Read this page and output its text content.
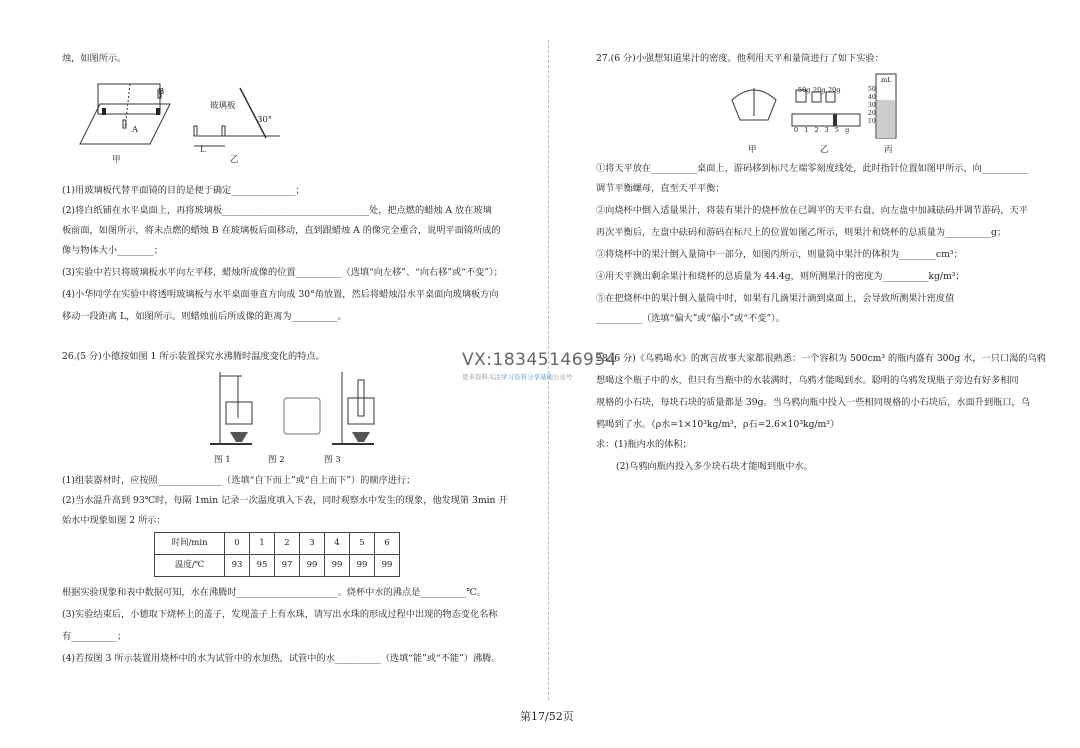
烛，如图所示。
B
A
玻璃板
30°
L
甲	乙
(1)用玻璃板代替平面镜的目的是便于确定______________；
(2)将白纸铺在水平桌面上，再将玻璃板________________________________处，把点燃的蜡烛 A 放在玻璃
板前面，如图所示，将未点燃的蜡烛 B 在玻璃板后面移动，直到跟蜡烛 A 的像完全重合，说明平面镜所成的
像与物体大小________；
(3)实验中若只将玻璃板水平向左平移，蜡烛所成像的位置__________（选填“向左移”、“向右移”或“不变”）；
(4)小华同学在实验中将透明玻璃板与水平桌面垂直方向成 30°角放置，然后将蜡烛沿水平桌面向玻璃板方向
移动一段距离 L，如图所示。则蜡烛前后所成像的距离为__________。
26.(5 分)小德按如图 1 所示装置探究水沸腾时温度变化的特点。
图 1	图 2	图 3
(1)组装器材时，应按照______________（选填“自下而上”或“自上而下”）的顺序进行；
(2)当水温升高到 93℃时，每隔 1min 记录一次温度填入下表，同时观察水中发生的现象，他发现第 3min 开
始水中现象如图 2 所示：
时间/min	0	1	2	3	4	5	6
温度/℃	93	95	97	99	99	99	99
根据实验现象和表中数据可知，水在沸腾时______________________。烧杯中水的沸点是__________℃。
(3)实验结束后，小德取下烧杯上的盖子，发现盖子上有水珠，请写出水珠的形成过程中出现的物态变化名称
有__________；
(4)若按图 3 所示装置用烧杯中的水为试管中的水加热，试管中的水__________（选填“能”或“不能”）沸腾。
27.(6 分)小强想知道果汁的密度。他利用天平和量筒进行了如下实验：
50g 20g 20g
mL
50
40
30
20
10
0 1 2 3 5 g
甲	乙	丙
①将天平放在__________桌面上，游码移到标尺左端零刻度线处，此时指针位置如图甲所示，向__________
调节平衡螺母，直至天平平衡；
②向烧杯中倒入适量果汁，将装有果汁的烧杯放在已调平的天平右盘，向左盘中加减砝码并调节游码，天平
再次平衡后，左盘中砝码和游码在标尺上的位置如图乙所示，则果汁和烧杯的总质量为__________g；
③将烧杯中的果汁倒入量筒中一部分，如图丙所示，则量筒中果汁的体积为________cm³；
④用天平测出剩余果汁和烧杯的总质量为 44.4g，则所测果汁的密度为__________kg/m³；
⑤在把烧杯中的果汁倒入量筒中时，如果有几滴果汁滴到桌面上，会导致所测果汁密度值
__________（选填“偏大”或“偏小”或“不变”）。
28.(6 分)《乌鸦喝水》的寓言故事大家都很熟悉：一个容积为 500cm³ 的瓶内盛有 300g 水，一只口渴的乌鸦
想喝这个瓶子中的水，但只有当瓶中的水装满时，乌鸦才能喝到水。聪明的乌鸦发现瓶子旁边有好多相同
规格的小石块，每块石块的质量都是 39g。当乌鸦向瓶中投入一些相同规格的小石块后，水面升到瓶口，乌
鸦喝到了水。（ρ水=1×10³kg/m³，ρ石=2.6×10³kg/m³）
求：(1)瓶内水的体积；
(2)乌鸦向瓶内投入多少块石块才能喝到瓶中水。
VX:18345146954
更多资料关注学习资料分享基地公众号
第17/52页
